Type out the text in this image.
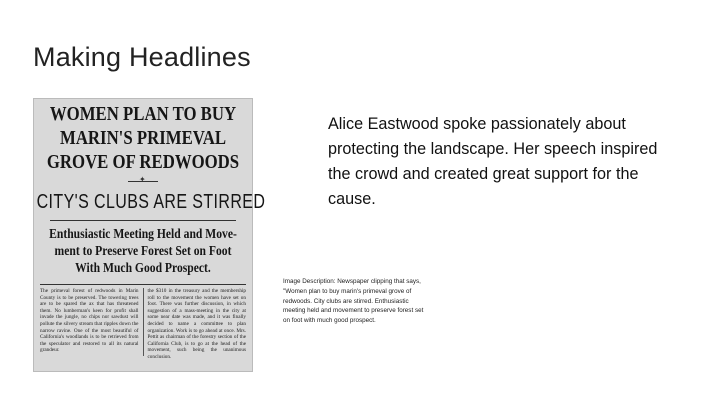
Making Headlines
WOMEN PLAN TO BUY
MARIN'S PRIMEVAL
GROVE OF REDWOODS
✦
CITY'S CLUBS ARE STIRRED
Enthusiastic Meeting Held and Move-
ment to Preserve Forest Set on Foot
With Much Good Prospect.

The primeval forest of redwoods in Marin County is to be preserved. The towering trees are to be spared the ax that has threatened them. No lumberman's keen for profit shall invade the jungle, no chips nor sawdust will pollute the silvery stream that ripples down the narrow ravine. One of the most beautiful of California's woodlands is to be retrieved from the speculator and restored to all its natural grandeur.

the $310 in the treasury and the membership roll to the movement the women have set on foot. There was further discussion, in which suggestion of a mass-meeting in the city at some near date was made, and it was finally decided to name a committee to plan organization. Work is to go ahead at once. Mrs. Pettit as chairman of the forestry section of the California Club, is to go at the head of the movement, such being the unanimous conclusion.

Alice Eastwood spoke passionately about protecting the landscape. Her speech inspired the crowd and created great support for the cause.
Image Description: Newspaper clipping that says, "Women plan to buy marin's primeval grove of redwoods. City clubs are stirred. Enthusiastic meeting held and movement to preserve forest set on foot with much good prospect.
